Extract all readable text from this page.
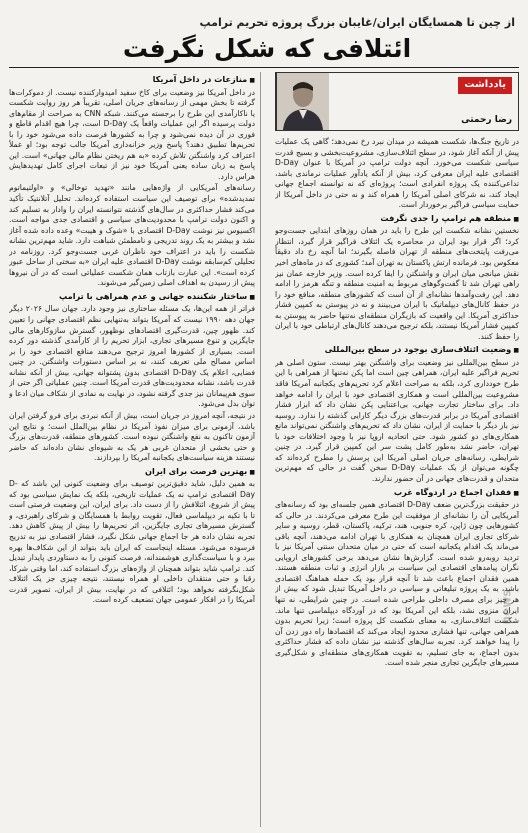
از چین تا همسایگان ایران/غایبان بزرگ پروژه تحریم ترامپ
ائتلافی که شکل نگرفت
یادداشت
رضا رحمتی
در تاریخ جنگ‌ها، شکست همیشه در میدان نبرد رخ نمی‌دهد؛ گاهی یک عملیات پیش از آنکه آغاز شود، در سطح ائتلاف‌سازی، مشروعیت‌بخشی و بسیج قدرت سیاسی شکست می‌خورد. آنچه دولت ترامپ در آمریکا با عنوان D-Day اقتصادی علیه ایران معرفی کرد، بیش از آنکه یادآور عملیات نرماندی باشد، تداعی‌کننده یک پروژه انفرادی است؛ پروژه‌ای که نه توانسته اجماع جهانی ایجاد کند، نه شرکای اصلی آمریکا را همراه کند و نه حتی در داخل آمریکا از حمایت سیاسی فراگیر برخوردار است.
■ منطقه هم ترامپ را جدی نگرفت
نخستین نشانه شکست این طرح را باید در همان روزهای ابتدایی جست‌وجو کرد؛ اگر قرار بود ایران در محاصره یک ائتلاف فراگیر قرار گیرد، انتظار می‌رفت پایتخت‌های منطقه از تهران فاصله بگیرند؛ اما آنچه رخ داد دقیقاً معکوس بود. فرمانده ارتش پاکستان به تهران آمد؛ کشوری که در ماه‌های اخیر نقش میانجی میان ایران و واشنگتن را ایفا کرده است. وزیر خارجه عمان نیز راهی تهران شد تا گفت‌وگوهای مربوط به امنیت منطقه و تنگه هرمز را ادامه دهد. این رفت‌وآمدها نشانه‌ای از آن است که کشورهای منطقه، منافع خود را در حفظ کانال‌های دیپلماتیک با ایران می‌بینند و نه در پیوستن به کمپین فشار حداکثری آمریکا. این واقعیت که بازیگران منطقه‌ای نه‌تنها حاضر به پیوستن به کمپین فشار آمریکا نیستند، بلکه ترجیح می‌دهند کانال‌های ارتباطی خود با ایران را حفظ کنند.
■ وضعیت ائتلاف‌سازی بوجود در سطح بین‌المللی
در سطح بین‌المللی نیز وضعیت برای واشنگتن بهتر نیست. ستون اصلی هر تحریم فراگیر علیه ایران، همراهی چین است اما پکن نه‌تنها از همراهی با این طرح خودداری کرد، بلکه به صراحت اعلام کرد تحریم‌های یکجانبه آمریکا فاقد مشروعیت بین‌المللی است و همکاری اقتصادی خود با ایران را ادامه خواهد داد. برای ساختار تجارت جهانی، بی‌اعتنایی پکن نشان داد که ابزار فشار اقتصادی آمریکا در برابر قدرت‌های بزرگ دیگر کارایی گذشته را ندارد. روسیه نیز بار دیگر با حمایت از ایران، نشان داد که تحریم‌های واشنگتن نمی‌تواند مانع همکاری‌های دو کشور شود. حتی اتحادیه اروپا نیز با وجود اختلافات خود با تهران، حاضر نشد به‌طور کامل پشت سر این کمپین قرار گیرد. در چنین شرایطی، رسانه‌های جریان اصلی آمریکا این پرسش را مطرح کرده‌اند که چگونه می‌توان از یک عملیات D-Day سخن گفت در حالی که مهم‌ترین متحدان و قدرت‌های جهانی در آن حضور ندارند.
■ فقدان اجماع در اردوگاه غرب
در حقیقت بزرگ‌ترین ضعف D-Day اقتصادی همین جلسه‌ای بود که رسانه‌های آمریکایی آن را نشانه‌ای از موفقیت این طرح معرفی می‌کردند. در حالی که کشورهایی چون ژاپن، کره جنوبی، هند، ترکیه، پاکستان، قطر، روسیه و سایر شرکای تجاری ایران همچنان به همکاری با تهران ادامه می‌دهند، آنچه باقی می‌ماند یک اقدام یکجانبه است که حتی در میان متحدان سنتی آمریکا نیز با تردید روبه‌رو شده است. گزارش‌ها نشان می‌دهد برخی کشورهای اروپایی نگران پیامدهای اقتصادی این سیاست بر بازار انرژی و ثبات منطقه هستند. همین فقدان اجماع باعث شد تا آنچه قرار بود یک حمله هماهنگ اقتصادی باشد، به یک پروژه تبلیغاتی و سیاسی در داخل آمریکا تبدیل شود که بیش از هر چیز برای مصرف داخلی طراحی شده است. در چنین شرایطی، نه تنها ایران منزوی نشد، بلکه این آمریکا بود که در آوردگاه دیپلماسی تنها ماند. شکست ائتلاف‌سازی، به معنای شکست کل پروژه است؛ زیرا تحریم بدون همراهی جهانی، تنها فشاری محدود ایجاد می‌کند که اقتصادها راه دور زدن آن را پیدا خواهند کرد. تجربه سال‌های گذشته نیز نشان داده که فشار حداکثری بدون اجماع، به جای تسلیم، به تقویت همکاری‌های منطقه‌ای و شکل‌گیری مسیرهای جایگزین تجاری منجر شده است.
■ منازعات در داخل آمریکا
در داخل آمریکا نیز وضعیت برای کاخ سفید امیدوارکننده نیست. از دموکرات‌ها گرفته تا بخش مهمی از رسانه‌های جریان اصلی، تقریباً هر روز روایت شکست یا ناکارآمدی این طرح را برجسته می‌کنند. شبکه CNN به صراحت از مقام‌های دولت پرسیده اگر این عملیات واقعاً یک D-Day است، چرا هیچ اقدام قاطع و فوری در آن دیده نمی‌شود و چرا به کشورها فرصت داده می‌شود خود را با تحریم‌ها تطبیق دهند؟ پاسخ وزیر خزانه‌داری آمریکا جالب توجه بود؛ او عملاً اعتراف کرد واشنگتن تلاش کرده «به هم ریختن نظام مالی جهانی» است. این پاسخ به زبان ساده یعنی آمریکا خود نیز از تبعات اجرای کامل تهدیدهایش هراس دارد.
رسانه‌های آمریکایی از واژه‌هایی مانند «تهدید توخالی» و «اولتیماتوم تمدیدشده» برای توصیف این سیاست استفاده کرده‌اند. تحلیل آتلانتیک تأکید می‌کند فشار حداکثری در سال‌های گذشته نتوانسته ایران را وادار به تسلیم کند و اکنون دولت ترامپ با محدودیت‌های سیاسی و اقتصادی جدی مواجه است. اکسیوس نیز نوشت D-Day اقتصادی با «شوک و هیبت» وعده داده شده آغاز نشد و بیشتر به یک روند تدریجی و نامطمئن شباهت دارد. شاید مهم‌ترین نشانه شکست را باید در اعتراف خود ناظران غربی جست‌وجو کرد. روزنامه در تحلیلی کم‌سابقه نوشت D-Day اقتصادی علیه ایران «به سختی از ساحل عبور کرده است». این عبارت بازتاب همان شکست عملیاتی است که در آن نیروها پیش از رسیدن به اهداف اصلی زمین‌گیر می‌شوند.
■ ساختار شکننده جهانی و عدم همراهی با ترامپ
فراتر از همه این‌ها، یک مسئله ساختاری نیز وجود دارد. جهان سال ۲۰۲۶ دیگر جهان دهه ۱۹۹۰ نیست که آمریکا بتواند به‌تنهایی نظم اقتصادی جهانی را تعیین کند. ظهور چین، قدرت‌گیری اقتصادهای نوظهور، گسترش سازوکارهای مالی جایگزین و تنوع مسیرهای تجاری، ابزار تحریم را از کارآمدی گذشته دور کرده است. بسیاری از کشورها امروز ترجیح می‌دهند منافع اقتصادی خود را بر اساس مصالح ملی تعریف کنند، نه بر اساس دستورات واشنگتن. در چنین فضایی، اعلام یک D-Day اقتصادی بدون پشتوانه جهانی، بیش از آنکه نشانه قدرت باشد، نشانه محدودیت‌های قدرت آمریکا است. چنین عملیاتی اگر حتی از سوی هم‌پیمانان نیز جدی گرفته نشود، در نهایت به نمادی از شکاف میان ادعا و توان بدل می‌شود.
در نتیجه، آنچه امروز در جریان است، بیش از آنکه نبردی برای فرو گرفتن ایران باشد، آزمونی برای میزان نفوذ آمریکا در نظام بین‌الملل است؛ و نتایج این آزمون تاکنون به نفع واشنگتن نبوده است. کشورهای منطقه، قدرت‌های بزرگ و حتی بخشی از متحدان غربی هر یک به شیوه‌ای نشان داده‌اند که حاضر نیستند هزینه سیاست‌های یکجانبه آمریکا را بپردازند.
■ بهترین فرصت برای ایران
به همین دلیل، شاید دقیق‌ترین توصیف برای وضعیت کنونی این باشد که D-Day اقتصادی ترامپ نه یک عملیات تاریخی، بلکه یک نمایش سیاسی بود که پیش از شروع، ائتلافش را از دست داد. برای ایران، این وضعیت فرصتی است تا با تکیه بر دیپلماسی فعال، تقویت روابط با همسایگان و شرکای راهبردی، و گسترش مسیرهای تجاری جایگزین، اثر تحریم‌ها را بیش از پیش کاهش دهد. تجربه نشان داده هر جا اجماع جهانی شکل نگیرد، فشار اقتصادی نیز به تدریج فرسوده می‌شود. مسئله اینجاست که ایران باید بتواند از این شکاف‌ها بهره ببرد و با سیاست‌گذاری هوشمندانه، فرصت کنونی را به دستاوردی پایدار تبدیل کند. ترامپ شاید بتواند همچنان از واژه‌های بزرگ استفاده کند، اما وقتی شرکا، رقبا و حتی منتقدان داخلی او همراه نیستند، نتیجه چیزی جز یک ائتلاف شکل‌نگرفته نخواهد بود؛ ائتلافی که در نهایت، بیش از ایران، تصویر قدرت آمریکا را در افکار عمومی جهان تضعیف کرده است.	news
